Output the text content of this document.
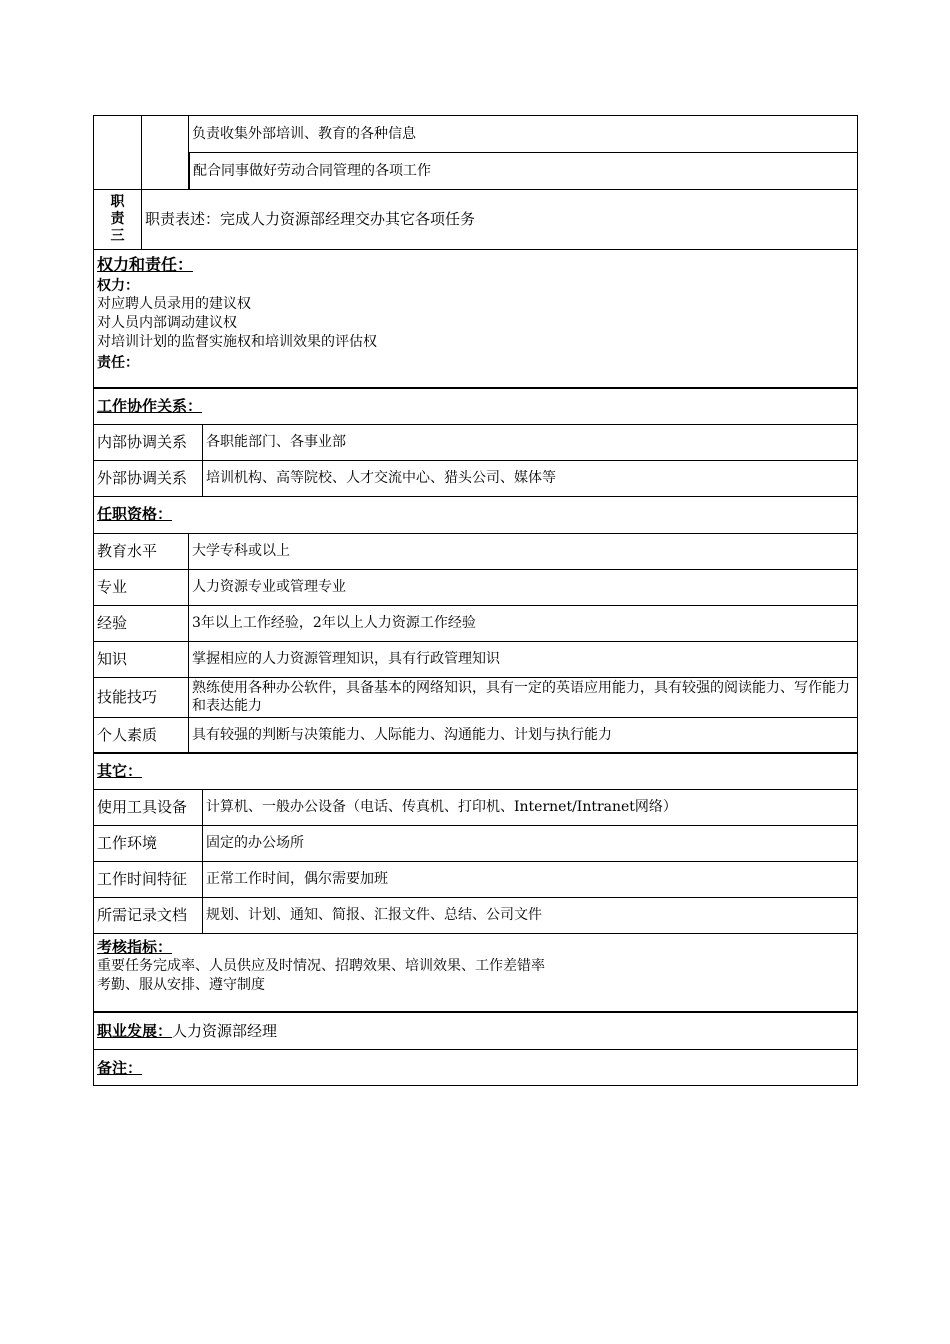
负责收集外部培训、教育的各种信息
配合同事做好劳动合同管理的各项工作
职
责
三
职责表述：完成人力资源部经理交办其它各项任务
权力和责任：
权力：
对应聘人员录用的建议权
对人员内部调动建议权
对培训计划的监督实施权和培训效果的评估权
责任：
工作协作关系：
内部协调关系	各职能部门、各事业部
外部协调关系	培训机构、高等院校、人才交流中心、猎头公司、媒体等
任职资格：
教育水平	大学专科或以上
专业	人力资源专业或管理专业
经验	3年以上工作经验，2年以上人力资源工作经验
知识	掌握相应的人力资源管理知识，具有行政管理知识
技能技巧	熟练使用各种办公软件，具备基本的网络知识，具有一定的英语应用能力，具有较强的阅读能力、写作能力和表达能力
个人素质	具有较强的判断与决策能力、人际能力、沟通能力、计划与执行能力
其它：
使用工具设备	计算机、一般办公设备（电话、传真机、打印机、Internet/Intranet网络）
工作环境	固定的办公场所
工作时间特征	正常工作时间，偶尔需要加班
所需记录文档	规划、计划、通知、简报、汇报文件、总结、公司文件
考核指标：
重要任务完成率、人员供应及时情况、招聘效果、培训效果、工作差错率
考勤、服从安排、遵守制度
职业发展： 人力资源部经理
备注：
